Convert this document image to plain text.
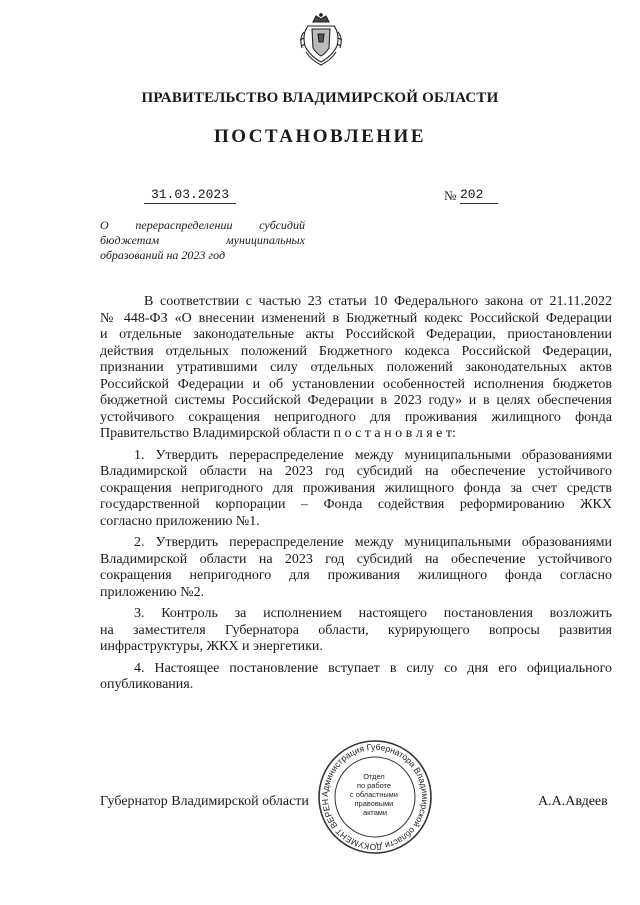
ПРАВИТЕЛЬСТВО ВЛАДИМИРСКОЙ ОБЛАСТИ
ПОСТАНОВЛЕНИЕ
31.03.2023	№ 202
О перераспределении субсидий
бюджетам муниципальных
образований на 2023 год
В соответствии с частью 23 статьи 10 Федерального закона от 21.11.2022
№ 448-ФЗ «О внесении изменений в Бюджетный кодекс Российской Федерации
и отдельные законодательные акты Российской Федерации, приостановлении
действия отдельных положений Бюджетного кодекса Российской Федерации,
признании утратившими силу отдельных положений законодательных актов
Российской Федерации и об установлении особенностей исполнения бюджетов
бюджетной системы Российской Федерации в 2023 году» и в целях обеспечения
устойчивого сокращения непригодного для проживания жилищного фонда
Правительство Владимирской области п о с т а н о в л я е т:
1. Утвердить перераспределение между муниципальными образованиями
Владимирской области на 2023 год субсидий на обеспечение устойчивого
сокращения непригодного для проживания жилищного фонда за счет средств
государственной корпорации – Фонда содействия реформированию ЖКХ
согласно приложению №1.
2. Утвердить перераспределение между муниципальными образованиями
Владимирской области на 2023 год субсидий на обеспечение устойчивого
сокращения непригодного для проживания жилищного фонда согласно
приложению №2.
3. Контроль за исполнением настоящего постановления возложить
на заместителя Губернатора области, курирующего вопросы развития
инфраструктуры, ЖКХ и энергетики.
4. Настоящее постановление вступает в силу со дня его официального
опубликования.
Губернатор Владимирской области Администрация Губернатора Владимирской области ДОКУМЕНТ ВЕРЕН
Отдел по работе с областными правовыми актами
А.А.Авдеев
